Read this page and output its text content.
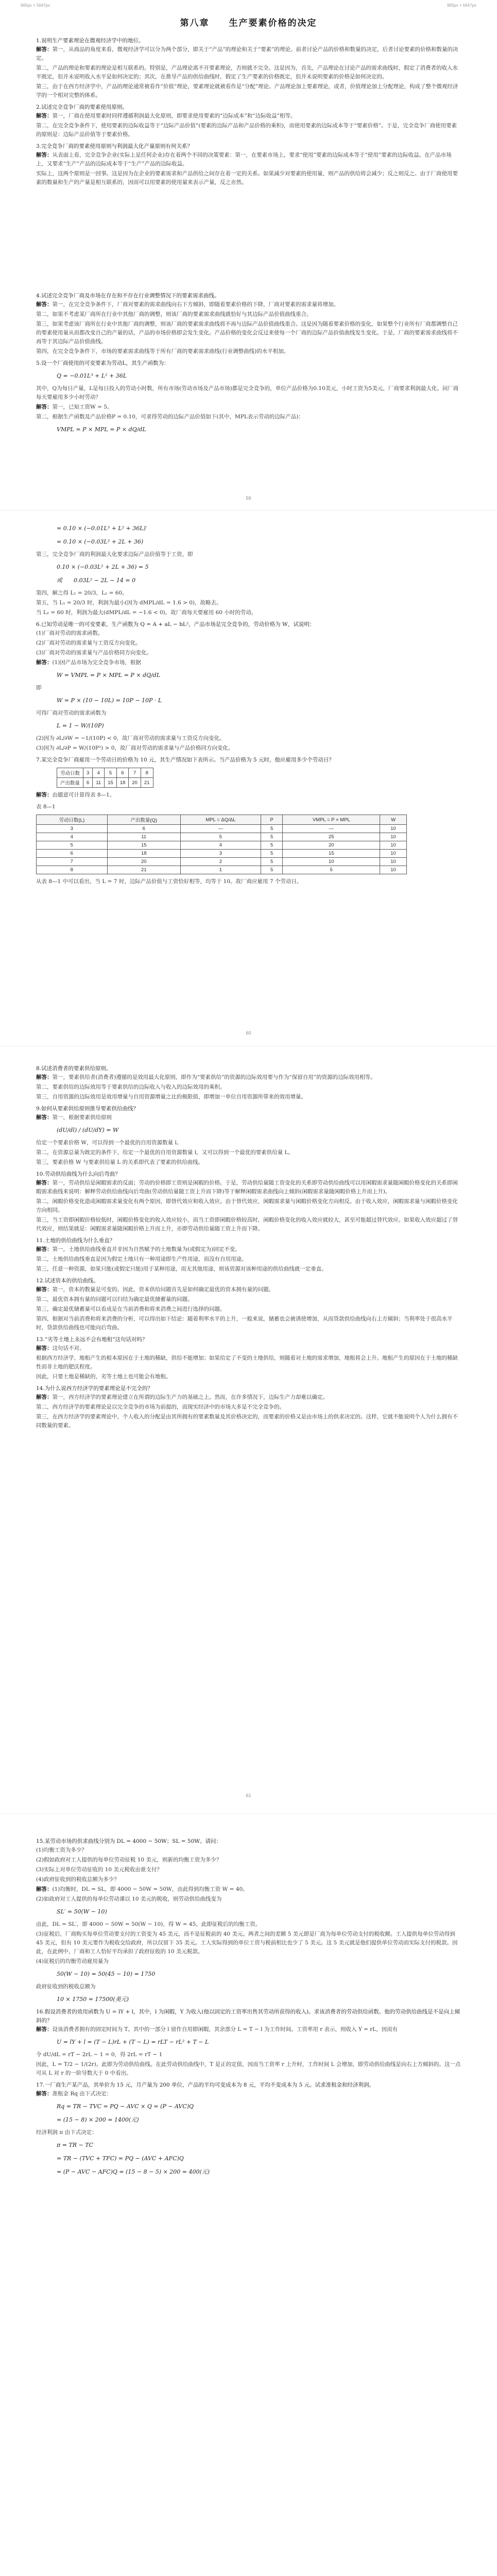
965px × 5647px	965px × 5647px
第八章　　生产要素价格的决定
1.说明生产要素理论在微观经济学中的地位。
解答：第一，从商品的角度来看，微观经济学可以分为两个部分，即关于“产品”的理论和关于“要素”的理论。前者讨论产品的价格和数量的决定，后者讨论要素的价格和数量的决定。
第二，产品的理论和要素的理论是相互联系的。特别是，产品理论离不开要素理论，否则就不完全。这是因为，首先，产品理论在讨论产品的需求曲线时，假定了消费者的收入水平既定，但并未说明收入水平是如何决定的；其次，在推导产品的供给曲线时，假定了生产要素的价格既定，但并未说明要素的价格是如何决定的。
第三，由于在西方经济学中，产品的理论通常被看作“价值”理论，要素理论就被看作是“分配”理论。产品理论加上要素理论，或者，价值理论加上分配理论，构成了整个微观经济学的一个相对完整的体系。
2.试述完全竞争厂商的要素使用原则。
解答：第一，厂商在使用要素时同样遵循利润最大化原则，即要求使用要素的“边际成本”和“边际收益”相等。
第二，在完全竞争条件下，使用要素的边际收益等于“边际产品价值”(要素的边际产品和产品价格的乘积)，而使用要素的边际成本等于“要素价格”。于是，完全竞争厂商使用要素的原则是：边际产品价值等于要素价格。
3.完全竞争厂商的要素使用原则与利润最大化产量原则有何关系？
解答：从表面上看，完全竞争企业(实际上是任何企业)存在着两个不同的决策要素：第一，在要素市场上，要求“使用”要素的边际成本等于“使用”要素的边际收益。在产品市场上，又要求“生产”产品的边际成本等于“生产”产品的边际收益。
实际上，这两个原则是一回事。这是因为在企业的要素需求和产品供给之间存在着一定的关系。如果减少对要素的使用量，则产品的供给将会减少；反之则反之。由于厂商使用要素的数量和生产的产量是相互联系的，因而可以用要素的使用量来表示产量，反之亦然。
4.试述完全竞争厂商及市场在存在和不存在行业调整情况下的要素需求曲线。
解答：第一，在完全竞争条件下，厂商对要素的需求曲线向右下方倾斜，即随着要素价格的下降，厂商对要素的需求量将增加。
第二，如果不考虑某厂商所在行业中其他厂商的调整，则该厂商的要素需求曲线就恰好与其边际产品价值曲线重合。
第三，如果考虑该厂商所在行业中其他厂商的调整，则该厂商的要素需求曲线将不再与边际产品价值曲线重合。这是因为随着要素价格的变化，如果整个行业所有厂商都调整自己的要素使用量从而都改变自己的产量的话，产品的市场价格即会发生变化。产品价格的变化会反过来使每一个厂商的边际产品价值曲线发生变化。于是，厂商的要素需求曲线将不再等于其边际产品价值曲线。
第四，在完全竞争条件下，市场的要素需求曲线等于所有厂商的要素需求曲线(行业调整曲线)的水平相加。
5.设一个厂商使用的可变要素为劳动L，其生产函数为：
Q = −0.01L³ + L² + 36L
其中，Q为每日产量，L是每日投入的劳动小时数，所有市场(劳动市场及产品市场)都是完全竞争的，单位产品价格为0.10美元，小时工资为5美元，厂商要求利润最大化。问厂商每天要雇用多少小时劳动？
解答：第一，已知工资W = 5。
第二，根据生产函数及产品价格P = 0.10，可求得劳动的边际产品价值如下(其中，MPL表示劳动的边际产品)：
VMPL = P × MPL = P × dQ/dL
59
= 0.10 × (−0.01L³ + L² + 36L)′
= 0.10 × (−0.03L² + 2L + 36)
第三，完全竞争厂商的利润最大化要求边际产品价值等于工资，即
0.10 × (−0.03L² + 2L + 36) = 5
或　　0.03L² − 2L − 14 = 0
第四，解之得 L₁ = 20/3，L₂ = 60。
第五，当 L₁ = 20/3 时，利润为最小(因为 dMPL/dL = 1.6 > 0)，故略去。
当 L₂ = 60 时，利润为最大(dMPL/dL = −1.6 < 0)。故厂商每天要雇用 60 小时的劳动。
6.已知劳动是唯一的可变要素，生产函数为 Q = A + aL − bL²，产品市场是完全竞争的，劳动价格为 W，试说明：
(1)厂商对劳动的需求函数。
(2)厂商对劳动的需求量与工资反方向变化。
(3)厂商对劳动的需求量与产品价格同方向变化。
解答：(1)因产品市场为完全竞争市场，根据
W = VMPL = P × MPL = P × dQ/dL
即
W = P × (10 − 10L) = 10P − 10P · L
可得厂商对劳动的需求函数为
L = 1 − W/(10P)
(2)因为 ∂L/∂W = −1/(10P) < 0，故厂商对劳动的需求量与工资反方向变化。
(3)因为 ∂L/∂P = W/(10P²) > 0，故厂商对劳动的需求量与产品价格同方向变化。
7.某完全竞争厂商雇用一个劳动日的价格为 10 元，其生产情况如下表所示。当产品价格为 5 元时，他应雇用多少个劳动日？
劳动日数	3	4	5	6	7	8
产出数量	6	11	15	18	20	21
解答：由题意可计算得表 8—1。
表 8—1
劳动日数(L)	产出数量(Q)	MPL = ΔQ/ΔL	P	VMPL = P × MPL	W
3	6	—	5	—	10
4	11	5	5	25	10
5	15	4	5	20	10
6	18	3	5	15	10
7	20	2	5	10	10
8	21	1	5	5	10
从表 8—1 中可以看出，当 L = 7 时，边际产品价值与工资恰好相等，均等于 10。故厂商应雇用 7 个劳动日。
60
8.试述消费者的要素供给原则。
解答：第一，要素供给者(消费者)遵循的是效用最大化原则，即作为“要素供给”的资源的边际效用要与作为“保留自用”的资源的边际效用相等。
第二，要素供给的边际效用等于要素供给的边际收入与收入的边际效用的乘积。
第三，自用资源的边际效用是效用增量与自用资源增量之比的极限值，即增加一单位自用资源所带来的效用增量。
9.如何从要素供给原则推导要素供给曲线？
解答：第一，根据要素供给原则
(dU/dl) / (dU/dY) = W
给定一个要素价格 W，可以得到一个最优的自用资源数量 l。
第二，在资源总量为既定的条件下，给定一个最优的自用资源数量 l，又可以得到一个最优的要素供给量 L。
第三，要素价格 W 与要素供给量 L 的关系即代表了要素的供给曲线。
10.劳动供给曲线为什么向后弯曲？
解答：第一，劳动供给是闲暇需求的反面；劳动的价格即工资则是闲暇的价格。于是，劳动供给量随工资变化的关系即劳动供给曲线可以用闲暇需求量随闲暇价格变化的关系即闲暇需求曲线来说明：解释劳动供给曲线向后弯曲(劳动供给量随工资上升而下降)等于解释闲暇需求曲线向上倾斜(闲暇需求量随闲暇价格上升而上升)。
第二，闲暇价格变化造成闲暇需求量变化有两个原因，即替代效应和收入效应。由于替代效应，闲暇需求量与闲暇价格变化方向相反。由于收入效应，闲暇需求量与闲暇价格变化方向相同。
第三，当工资即闲暇价格较低时，闲暇价格变化的收入效应较小，而当工资即闲暇价格较高时，闲暇价格变化的收入效应就较大，甚至可能超过替代效应。如果收入效应超过了替代效应，则结果就是：闲暇需求量随闲暇价格上升而上升，亦即劳动供给量随工资上升而下降。
11.土地的供给曲线为什么垂直？
解答：第一，土地供给曲线垂直并非因为自然赋予的土地数量为(或假定为)固定不变。
第二，土地供给曲线垂直是因为假定土地只有一种用途即生产性用途，而没有自用用途。
第三，任意一种资源，如果只能(或假定只能)用于某种用途，而无其他用途，则该资源对该种用途的供给曲线就一定垂直。
12.试述资本的供给曲线。
解答：第一，资本的数量是可变的。因此，资本供给问题首先是如何确定最优的资本拥有量的问题。
第二，最优资本拥有量的问题可以归结为确定最优储蓄量的问题。
第三，确定最优储蓄量可以看成是在当前消费和将来消费之间进行选择的问题。
第四，根据对当前消费和将来消费的分析，可以得出如下结论：随着利率水平的上升，一般来说，储蓄也会被诱使增加，从而贷款供给曲线向右上方倾斜；当利率处于很高水平时，贷款供给曲线也可能向后弯曲。
13.“劣等土地上永远不会有地租”这句话对吗？
解答：这句话不对。
根据西方经济学，地租产生的根本原因在于土地的稀缺，供给不能增加；如果给定了不变的土地供给，则随着对土地的需求增加，地租将会上升。地租产生的原因在于土地的稀缺性而非土地的肥沃程度。
因此，只要土地是稀缺的，劣等土地上也可能会有地租。
14.为什么说西方经济学的要素理论是不完全的？
解答：第一，西方经济学的要素理论建立在所谓的边际生产力的基础之上。然而，在许多情况下，边际生产力却难以确定。
第二，西方经济学的要素理论是以完全竞争的市场为前提的，而现实经济中的市场大多是不完全竞争的。
第三，在西方经济学的要素理论中，个人收入的分配是由其所拥有的要素数量及其价格决定的，而要素的价格又是由市场上的供求决定的。这样，它就不能说明个人为什么拥有不同数量的要素。
61
15.某劳动市场的供求曲线分别为 DL = 4000 − 50W；SL = 50W。请问：
(1)均衡工资为多少？
(2)假如政府对工人提供的每单位劳动征税 10 美元，则新的均衡工资为多少？
(3)实际上对单位劳动征收的 10 美元税收由谁支付？
(4)政府征收到的税收总额为多少？
解答：(1)均衡时，DL = SL，即 4000 − 50W = 50W，由此得到均衡工资 W = 40。
(2)如政府对工人提供的每单位劳动课以 10 美元的税收，则劳动供给曲线变为
SL′ = 50(W − 10)
由此，DL = SL′，即 4000 − 50W = 50(W − 10)，得 W = 45，此即征税后的均衡工资。
(3)征税后，厂商购买每单位劳动要支付的工资变为 45 美元，而不是征税前的 40 美元。两者之间的差额 5 美元即是厂商为每单位劳动支付的税收额。工人提供每单位劳动得到 45 美元，但有 10 美元要作为税收交给政府，所以仅留下 35 美元。工人实际得到的单位工资与税前相比也少了 5 美元。这 5 美元就是他们提供单位劳动而实际支付的税款。因此，在此例中，厂商和工人恰好平均承担了政府征收的 10 美元税款。
(4)征税后的均衡劳动雇用量为
50(W − 10) = 50(45 − 10) = 1750
政府征收到的税收总额为
10 × 1750 = 17500(美元)
16.假设消费者的效用函数为 U = lY + l，其中，l 为闲暇，Y 为收入(他以固定的工资率出售其劳动所获得的收入)。求该消费者的劳动供给函数。他的劳动供给曲线是不是向上倾斜的？
解答：设该消费者拥有的固定时间为 T。其中的一部分 l 留作自用即闲暇，其余部分 L = T − l 为工作时间。工资率用 r 表示，则收入 Y = rL，因而有
U = lY + l = (T − L)rL + (T − L) = rLT − rL² + T − L
令 dU/dL = rT − 2rL − 1 = 0，得 2rL = rT − 1
因此，L = T/2 − 1/(2r)。此即为劳动供给曲线。在此劳动供给曲线中，T 是正的定值，因而当工资率 r 上升时，工作时间 L 会增加，即劳动供给曲线是向右上方倾斜的。这一点可从 L 对 r 的一阶导数大于 0 中看出。
17.一厂商生产某产品，其单价为 15 元，月产量为 200 单位，产品的平均可变成本为 8 元，平均不变成本为 5 元。试求准租金和经济利润。
解答：准租金 Rq 由下式决定：
Rq = TR − TVC = PQ − AVC × Q = (P − AVC)Q
= (15 − 8) × 200 = 1400(元)
经济利润 π 由下式决定：
π = TR − TC
= TR − (TVC + TFC) = PQ − (AVC + AFC)Q
= (P − AVC − AFC)Q = (15 − 8 − 5) × 200 = 400(元)
